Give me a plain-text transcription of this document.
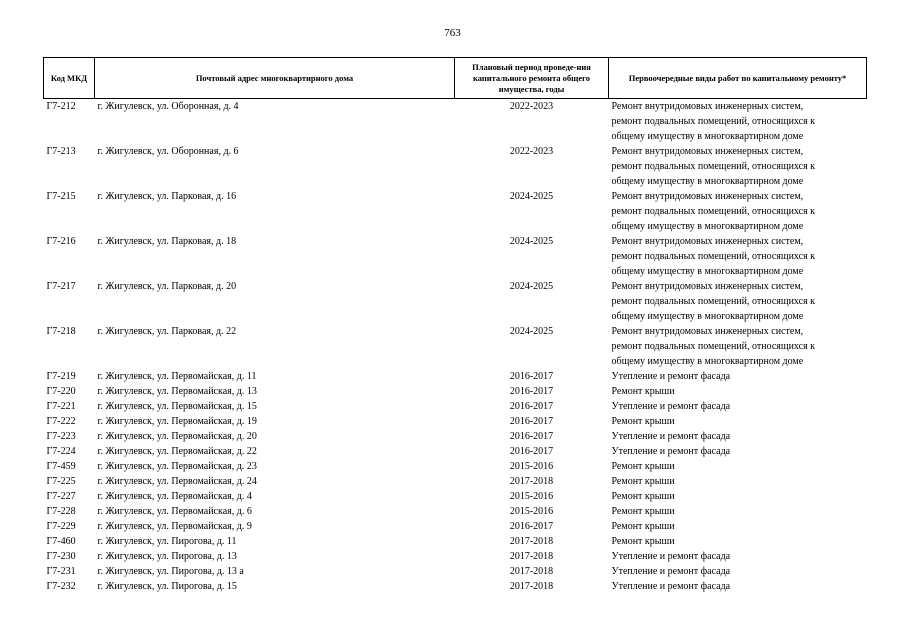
763
Код МКД	Почтовый адрес многоквартирного дома	Плановый период проведе-ния капитального ремонта общего имущества, годы	Первоочередные виды работ по капитальному ремонту*
Г7-212	г. Жигулевск, ул. Оборонная, д. 4	2022-2023	Ремонт внутридомовых инженерных систем,
ремонт подвальных помещений, относящихся к
общему имуществу в многоквартирном доме

Г7-213	г. Жигулевск, ул. Оборонная, д. 6	2022-2023	Ремонт внутридомовых инженерных систем,
ремонт подвальных помещений, относящихся к
общему имуществу в многоквартирном доме

Г7-215	г. Жигулевск, ул. Парковая, д. 16	2024-2025	Ремонт внутридомовых инженерных систем,
ремонт подвальных помещений, относящихся к
общему имуществу в многоквартирном доме

Г7-216	г. Жигулевск, ул. Парковая, д. 18	2024-2025	Ремонт внутридомовых инженерных систем,
ремонт подвальных помещений, относящихся к
общему имуществу в многоквартирном доме

Г7-217	г. Жигулевск, ул. Парковая, д. 20	2024-2025	Ремонт внутридомовых инженерных систем,
ремонт подвальных помещений, относящихся к
общему имуществу в многоквартирном доме

Г7-218	г. Жигулевск, ул. Парковая, д. 22	2024-2025	Ремонт внутридомовых инженерных систем,
ремонт подвальных помещений, относящихся к
общему имуществу в многоквартирном доме

Г7-219	г. Жигулевск, ул. Первомайская, д. 11	2016-2017	Утепление и ремонт фасада

Г7-220	г. Жигулевск, ул. Первомайская, д. 13	2016-2017	Ремонт крыши

Г7-221	г. Жигулевск, ул. Первомайская, д. 15	2016-2017	Утепление и ремонт фасада

Г7-222	г. Жигулевск, ул. Первомайская, д. 19	2016-2017	Ремонт крыши

Г7-223	г. Жигулевск, ул. Первомайская, д. 20	2016-2017	Утепление и ремонт фасада

Г7-224	г. Жигулевск, ул. Первомайская, д. 22	2016-2017	Утепление и ремонт фасада

Г7-459	г. Жигулевск, ул. Первомайская, д. 23	2015-2016	Ремонт крыши

Г7-225	г. Жигулевск, ул. Первомайская, д. 24	2017-2018	Ремонт крыши

Г7-227	г. Жигулевск, ул. Первомайская, д. 4	2015-2016	Ремонт крыши

Г7-228	г. Жигулевск, ул. Первомайская, д. 6	2015-2016	Ремонт крыши

Г7-229	г. Жигулевск, ул. Первомайская, д. 9	2016-2017	Ремонт крыши

Г7-460	г. Жигулевск, ул. Пирогова, д. 11	2017-2018	Ремонт крыши

Г7-230	г. Жигулевск, ул. Пирогова, д. 13	2017-2018	Утепление и ремонт фасада

Г7-231	г. Жигулевск, ул. Пирогова, д. 13 а	2017-2018	Утепление и ремонт фасада

Г7-232	г. Жигулевск, ул. Пирогова, д. 15	2017-2018	Утепление и ремонт фасада
